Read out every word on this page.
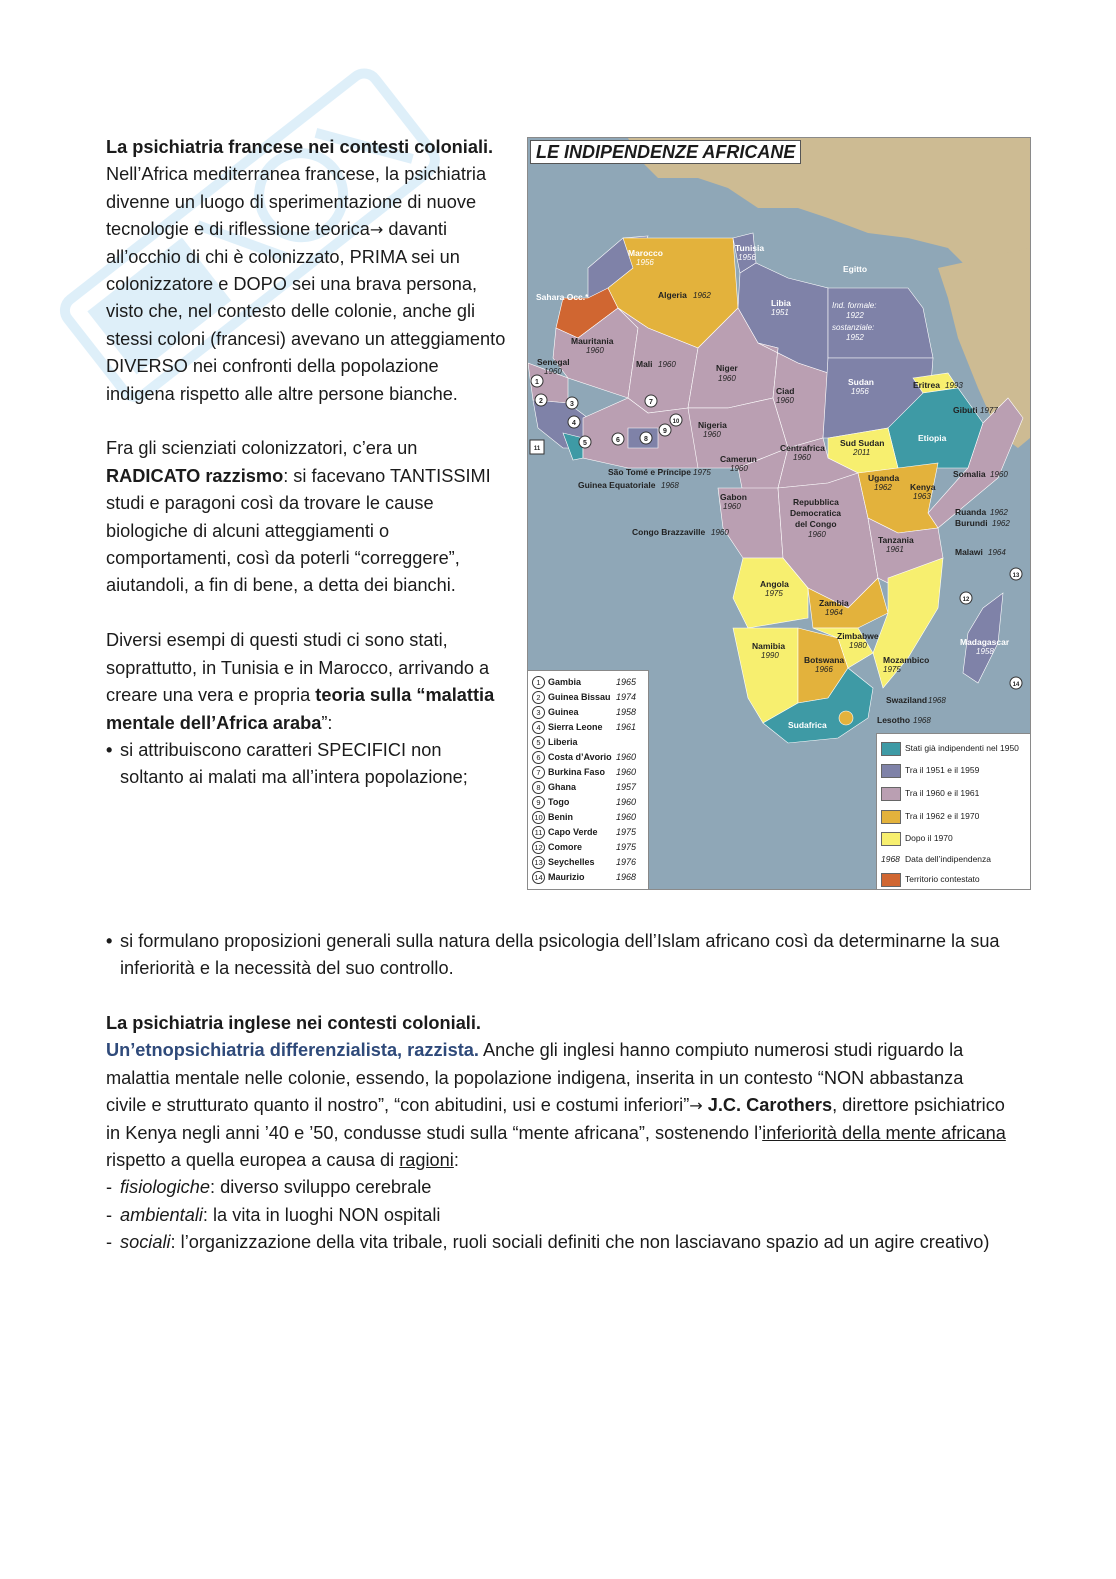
La psichiatria francese nei contesti coloniali.

Nell’Africa mediterranea francese, la psichiatria divenne un luogo di sperimentazione di nuove tecnologie e di riflessione teorica→ davanti all’occhio di chi è colonizzato, PRIMA sei un colonizzatore e DOPO sei una brava persona, visto che, nel contesto delle colonie, anche gli stessi coloni (francesi) avevano un atteggiamento DIVERSO nei confronti della popolazione indigena rispetto alle altre persone bianche.

Fra gli scienziati colonizzatori, c’era un RADICATO razzismo: si facevano TANTISSIMI studi e paragoni così da trovare le cause biologiche di alcuni atteggiamenti o comportamenti, così da poterli “correggere”, aiutandoli, a fin di bene, a detta dei bianchi.

Diversi esempi di questi studi ci sono stati, soprattutto, in Tunisia e in Marocco, arrivando a creare una vera e propria teoria sulla “malattia mentale dell’Africa araba”:

• si attribuiscono caratteri SPECIFICI non soltanto ai malati ma all’intera popolazione;
• si formulano proposizioni generali sulla natura della psicologia dell’Islam africano così da determinarne la sua inferiorità e la necessità del suo controllo.

La psichiatria inglese nei contesti coloniali.

Un’etnopsichiatria differenzialista, razzista. Anche gli inglesi hanno compiuto numerosi studi riguardo la malattia mentale nelle colonie, essendo, la popolazione indigena, inserita in un contesto “NON abbastanza civile e strutturato quanto il nostro”, “con abitudini, usi e costumi inferiori”→ J.C. Carothers, direttore psichiatrico in Kenya negli anni ’40 e ’50, condusse studi sulla “mente africana”, sostenendo l’inferiorità della mente africana rispetto a quella europea a causa di ragioni:

- fisiologiche: diverso sviluppo cerebrale
- ambientali: la vita in luoghi NON ospitali
- sociali: l’organizzazione della vita tribale, ruoli sociali definiti che non lasciavano spazio ad un agire creativo)
1
2	3
4
5	6
7
8
9
10
11
12
13
14
Marocco
1956
Tunisia
1956
Sahara Occ.*	Algeria 1962
Libia
1951
Egitto
Ind. formale:
1922
sostanziale:
1952
Mauritania
1960
Mali 1960	Niger
1960
Ciad
1960
Sudan
1956
Eritrea 1993
Gibuti 1977
Senegal
1960
Nigeria
1960	Etiopia
Sud Sudan
2011
Centrafrica
1960
Camerun
1960
Somalia 1960
São Tomé e Príncipe 1975
Guinea Equatoriale 1968
Uganda
1962 Kenya
1963
Gabon
1960	Repubblica
Democratica
del Congo
1960
Ruanda 1962
Burundi 1962
Congo Brazzaville 1960
Tanzania
1961	Malawi 1964
Angola
1975
Zambia
1964
Zimbabwe
1980
Namibia
1990	Botswana
1966
Mozambico
1975
Madagascar
1958
Swaziland 1968
Lesotho 1968
Sudafrica
LE INDIPENDENZE AFRICANE
1 Gambia	1965
2 Guinea Bissau 1974
3 Guinea	1958
4 Sierra Leone 1961
5 Liberia
6 Costa d’Avorio 1960
7 Burkina Faso 1960
8 Ghana	1957
9 Togo	1960
10 Benin	1960
11 Capo Verde 1975
12 Comore	1975
13 Seychelles 1976
14 Maurizio	1968
Stati già indipendenti nel 1950
Tra il 1951 e il 1959
Tra il 1960 e il 1961
Tra il 1962 e il 1970
Dopo il 1970
1968 Data dell’indipendenza
Territorio contestato
